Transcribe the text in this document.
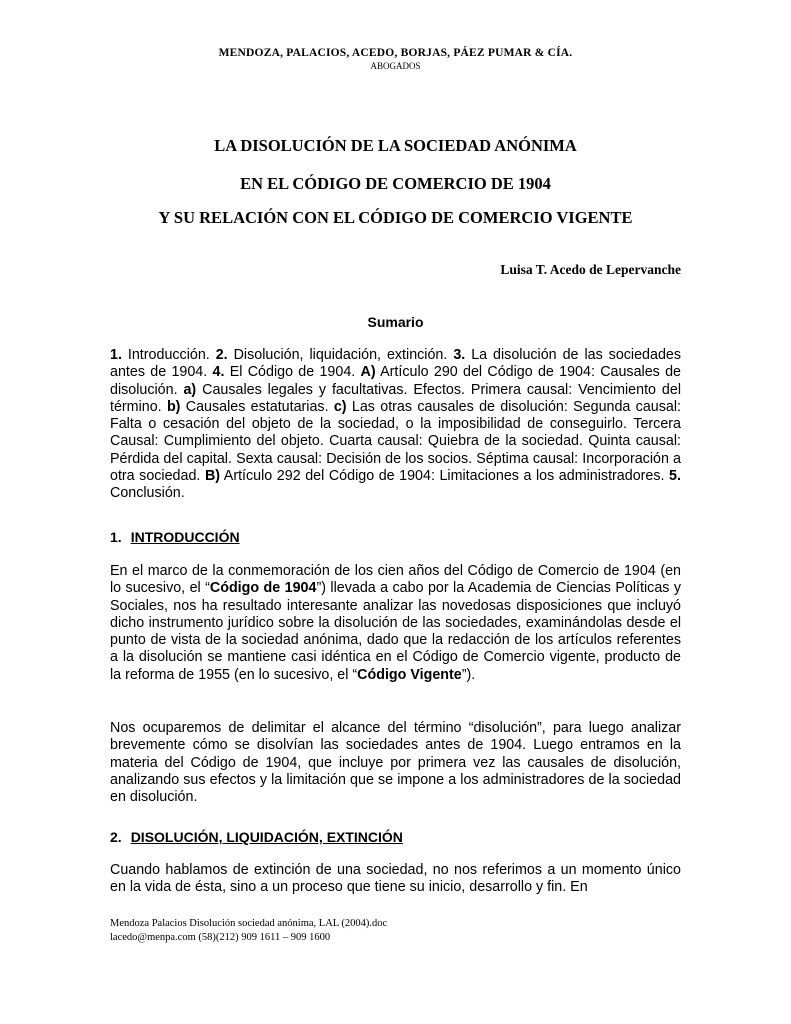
MENDOZA, PALACIOS, ACEDO, BORJAS, PÁEZ PUMAR & CÍA.
ABOGADOS
LA DISOLUCIÓN DE LA SOCIEDAD ANÓNIMA
EN EL CÓDIGO DE COMERCIO DE 1904
Y SU RELACIÓN CON EL CÓDIGO DE COMERCIO VIGENTE
Luisa T. Acedo de Lepervanche
Sumario
1. Introducción. 2. Disolución, liquidación, extinción. 3. La disolución de las sociedades antes de 1904. 4. El Código de 1904. A) Artículo 290 del Código de 1904: Causales de disolución. a) Causales legales y facultativas. Efectos. Primera causal: Vencimiento del término. b) Causales estatutarias. c) Las otras causales de disolución: Segunda causal: Falta o cesación del objeto de la sociedad, o la imposibilidad de conseguirlo. Tercera Causal: Cumplimiento del objeto. Cuarta causal: Quiebra de la sociedad. Quinta causal: Pérdida del capital. Sexta causal: Decisión de los socios. Séptima causal: Incorporación a otra sociedad. B) Artículo 292 del Código de 1904: Limitaciones a los administradores. 5. Conclusión.
1. INTRODUCCIÓN
En el marco de la conmemoración de los cien años del Código de Comercio de 1904 (en lo sucesivo, el “Código de 1904”) llevada a cabo por la Academia de Ciencias Políticas y Sociales, nos ha resultado interesante analizar las novedosas disposiciones que incluyó dicho instrumento jurídico sobre la disolución de las sociedades, examinándolas desde el punto de vista de la sociedad anónima, dado que la redacción de los artículos referentes a la disolución se mantiene casi idéntica en el Código de Comercio vigente, producto de la reforma de 1955 (en lo sucesivo, el “Código Vigente”).
Nos ocuparemos de delimitar el alcance del término “disolución”, para luego analizar brevemente cómo se disolvían las sociedades antes de 1904. Luego entramos en la materia del Código de 1904, que incluye por primera vez las causales de disolución, analizando sus efectos y la limitación que se impone a los administradores de la sociedad en disolución.
2. DISOLUCIÓN, LIQUIDACIÓN, EXTINCIÓN
Cuando hablamos de extinción de una sociedad, no nos referimos a un momento único en la vida de ésta, sino a un proceso que tiene su inicio, desarrollo y fin. En
Mendoza Palacios Disolución sociedad anónima, LAL (2004).doc
lacedo@menpa.com (58)(212) 909 1611 – 909 1600
